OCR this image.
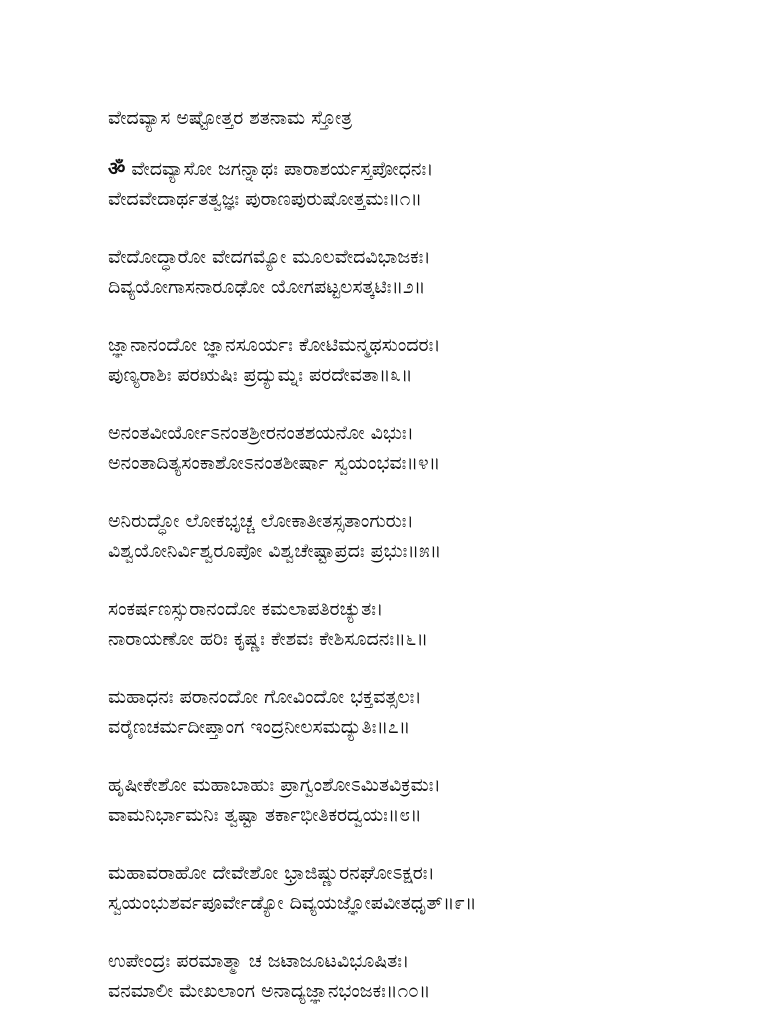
ವೇದವ್ಯಾಸ ಅಷ್ಟೋತ್ತರ ಶತನಾಮ ಸ್ತೋತ್ರ
ॐ ವೇದವ್ಯಾಸೋ ಜಗನ್ನಾಥಃ ಪಾರಾಶರ್ಯಸ್ತಪೋಧನಃ।
ವೇದವೇದಾರ್ಥತತ್ವಜ್ಞಃ ಪುರಾಣಪುರುಷೋತ್ತಮಃ॥೧॥
ವೇದೋದ್ಧಾರೋ ವೇದಗಮ್ಯೋ ಮೂಲವೇದವಿಭಾಜಕಃ।
ದಿವ್ಯಯೋಗಾಸನಾರೂಢೋ ಯೋಗಪಟ್ಟಲಸತ್ಕಟಿಃ॥೨॥
ಜ್ಞಾನಾನಂದೋ ಜ್ಞಾನಸೂರ್ಯಃ ಕೋಟಿಮನ್ಮಥಸುಂದರಃ।
ಪುಣ್ಯರಾಶಿಃ ಪರಋಷಿಃ ಪ್ರದ್ಯುಮ್ನಃ ಪರದೇವತಾ॥೩॥
ಅನಂತವೀರ್ಯೋಽನಂತಶ್ರೀರನಂತಶಯನೋ ವಿಭುಃ।
ಅನಂತಾದಿತ್ಯಸಂಕಾಶೋಽನಂತಶೀರ್ಷಾ ಸ್ವಯಂಭವಃ॥೪॥
ಅನಿರುದ್ಧೋ ಲೋಕಭೃಚ್ಚ ಲೋಕಾತೀತಸ್ಸತಾಂಗುರುಃ।
ವಿಶ್ವಯೋನಿರ್ವಿಶ್ವರೂಪೋ ವಿಶ್ವಚೇಷ್ಟಾಪ್ರದಃ ಪ್ರಭುಃ॥೫॥
ಸಂಕರ್ಷಣಸ್ಸುರಾನಂದೋ ಕಮಲಾಪತಿರಚ್ಯುತಃ।
ನಾರಾಯಣೋ ಹರಿಃ ಕೃಷ್ಣಃ ಕೇಶವಃ ಕೇಶಿಸೂದನಃ॥೬॥
ಮಹಾಧನಃ ಪರಾನಂದೋ ಗೋವಿಂದೋ ಭಕ್ತವತ್ಸಲಃ।
ವರೈಣಚರ್ಮದೀಪ್ತಾಂಗ ಇಂದ್ರನೀಲಸಮದ್ಯುತಿಃ॥೭॥
ಹೃಷೀಕೇಶೋ ಮಹಾಬಾಹುಃ ಪ್ರಾಗ್ವಂಶೋಽಮಿತವಿಕ್ರಮಃ।
ವಾಮನಿರ್ಭಾಮನಿಃ ತ್ವಷ್ಟಾ ತರ್ಕಾಭೀತಿಕರದ್ವಯಃ॥೮॥
ಮಹಾವರಾಹೋ ದೇವೇಶೋ ಭ್ರಾಜಿಷ್ಣುರನಘೋಽಕ್ಷರಃ।
ಸ್ವಯಂಭುಶರ್ವಪೂರ್ವೇಡ್ಯೋ ದಿವ್ಯಯಜ್ಞೋಪವೀತಧೃತ್॥೯॥
ಉಪೇಂದ್ರಃ ಪರಮಾತ್ಮಾ ಚ ಜಟಾಜೂಟವಿಭೂಷಿತಃ।
ವನಮಾಲೀ ಮೇಖಲಾಂಗ ಅನಾದ್ಯಜ್ಞಾನಭಂಜಕಃ॥೧೦॥
